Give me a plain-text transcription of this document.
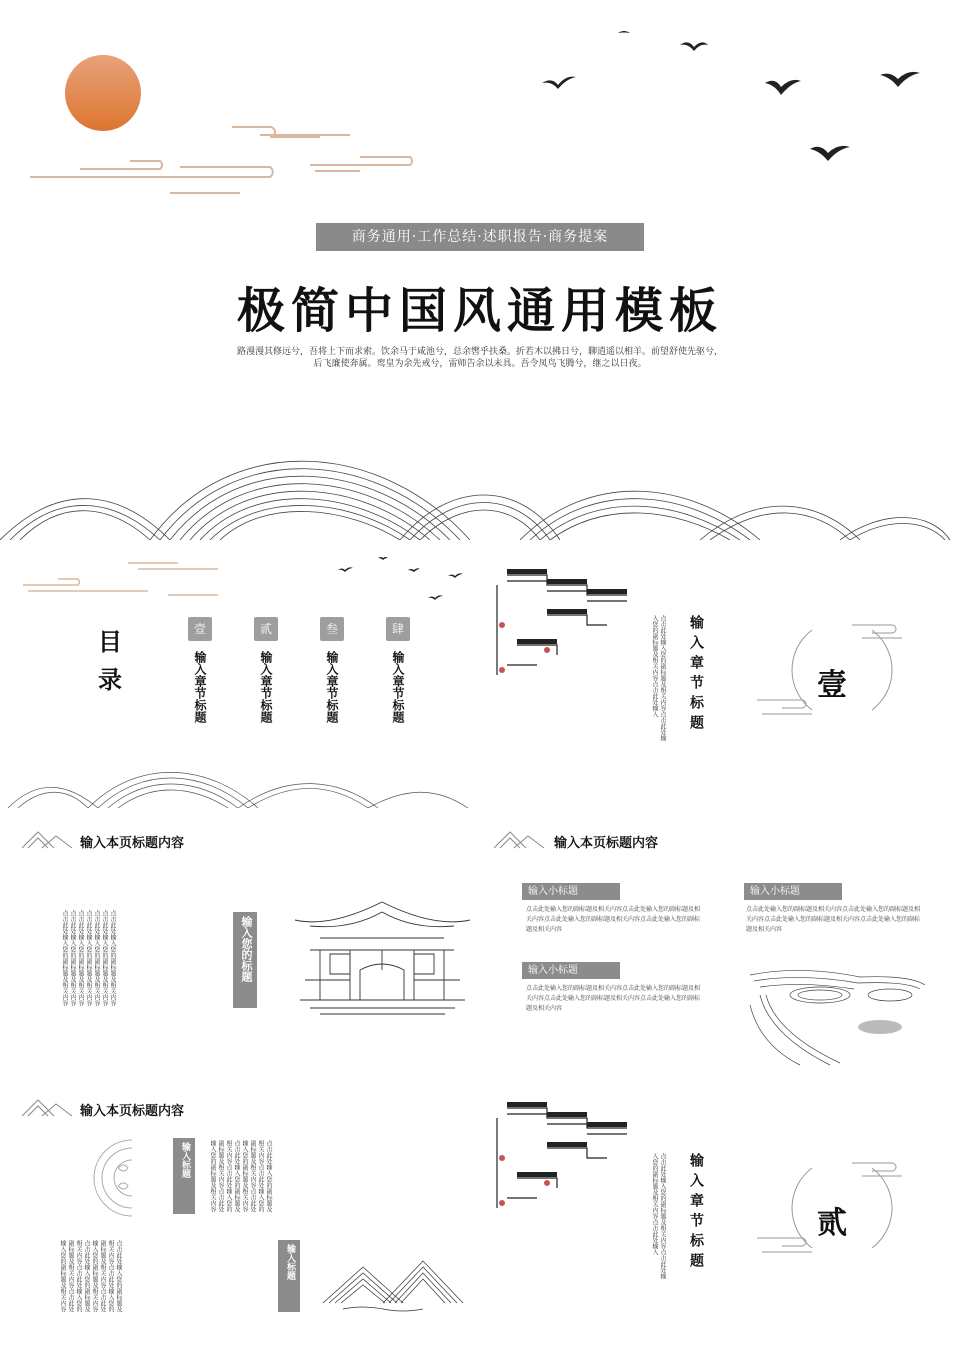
商务通用·工作总结·述职报告·商务提案
极简中国风通用模板
路漫漫其修远兮，吾将上下而求索。饮余马于咸池兮，总余辔乎扶桑。折若木以拂日兮，聊逍遥以相羊。前望舒使先驱兮，
后飞廉使奔属。鸾皇为余先戒兮，雷师告余以未具。吾令凤鸟飞腾兮，继之以日夜。
目
录
壹
输入章节标题
贰
输入章节标题
叁
输入章节标题
肆
输入章节标题	点击此处输入您的副标题及相关内容点击此处输入您的副标题及相关内容点击此处输入	输入章节标题	壹
输入本页标题内容
点击此处输入您的副标题及相关内容点击此处输入您的副标题及相关内容点击此处输入您的副标题及相关内容点击此处输入您的副标题及相关内容点击此处输入您的副标题及相关内容点击此处输入您的副标题及相关内容点击此处输入您的副标题及相关内容	输入您的标题
输入本页标题内容
输入小标题
点击此处输入您的副标题及相关内容点击此处输入您的副标题及相关内容点击此处输入您的副标题及相关内容点击此处输入您的副标题及相关内容
输入小标题
点击此处输入您的副标题及相关内容点击此处输入您的副标题及相关内容点击此处输入您的副标题及相关内容点击此处输入您的副标题及相关内容
输入小标题
点击此处输入您的副标题及相关内容点击此处输入您的副标题及相关内容点击此处输入您的副标题及相关内容点击此处输入您的副标题及相关内容
输入本页标题内容
输入标题	点击此处输入您的副标题及相关内容点击此处输入您的副标题及相关内容点击此处输入您的副标题及相关内容点击此处输入您的副标题及相关内容点击此处输入您的副标题及相关内容点击此处输入您的副标题及相关内容
点击此处输入您的副标题及相关内容点击此处输入您的副标题及相关内容点击此处输入您的副标题及相关内容点击此处输入您的副标题及相关内容点击此处输入您的副标题及相关内容点击此处输入您的副标题及相关内容	输入标题	点击此处输入您的副标题及相关内容点击此处输入您的副标题及相关内容点击此处输入	输入章节标题	贰
